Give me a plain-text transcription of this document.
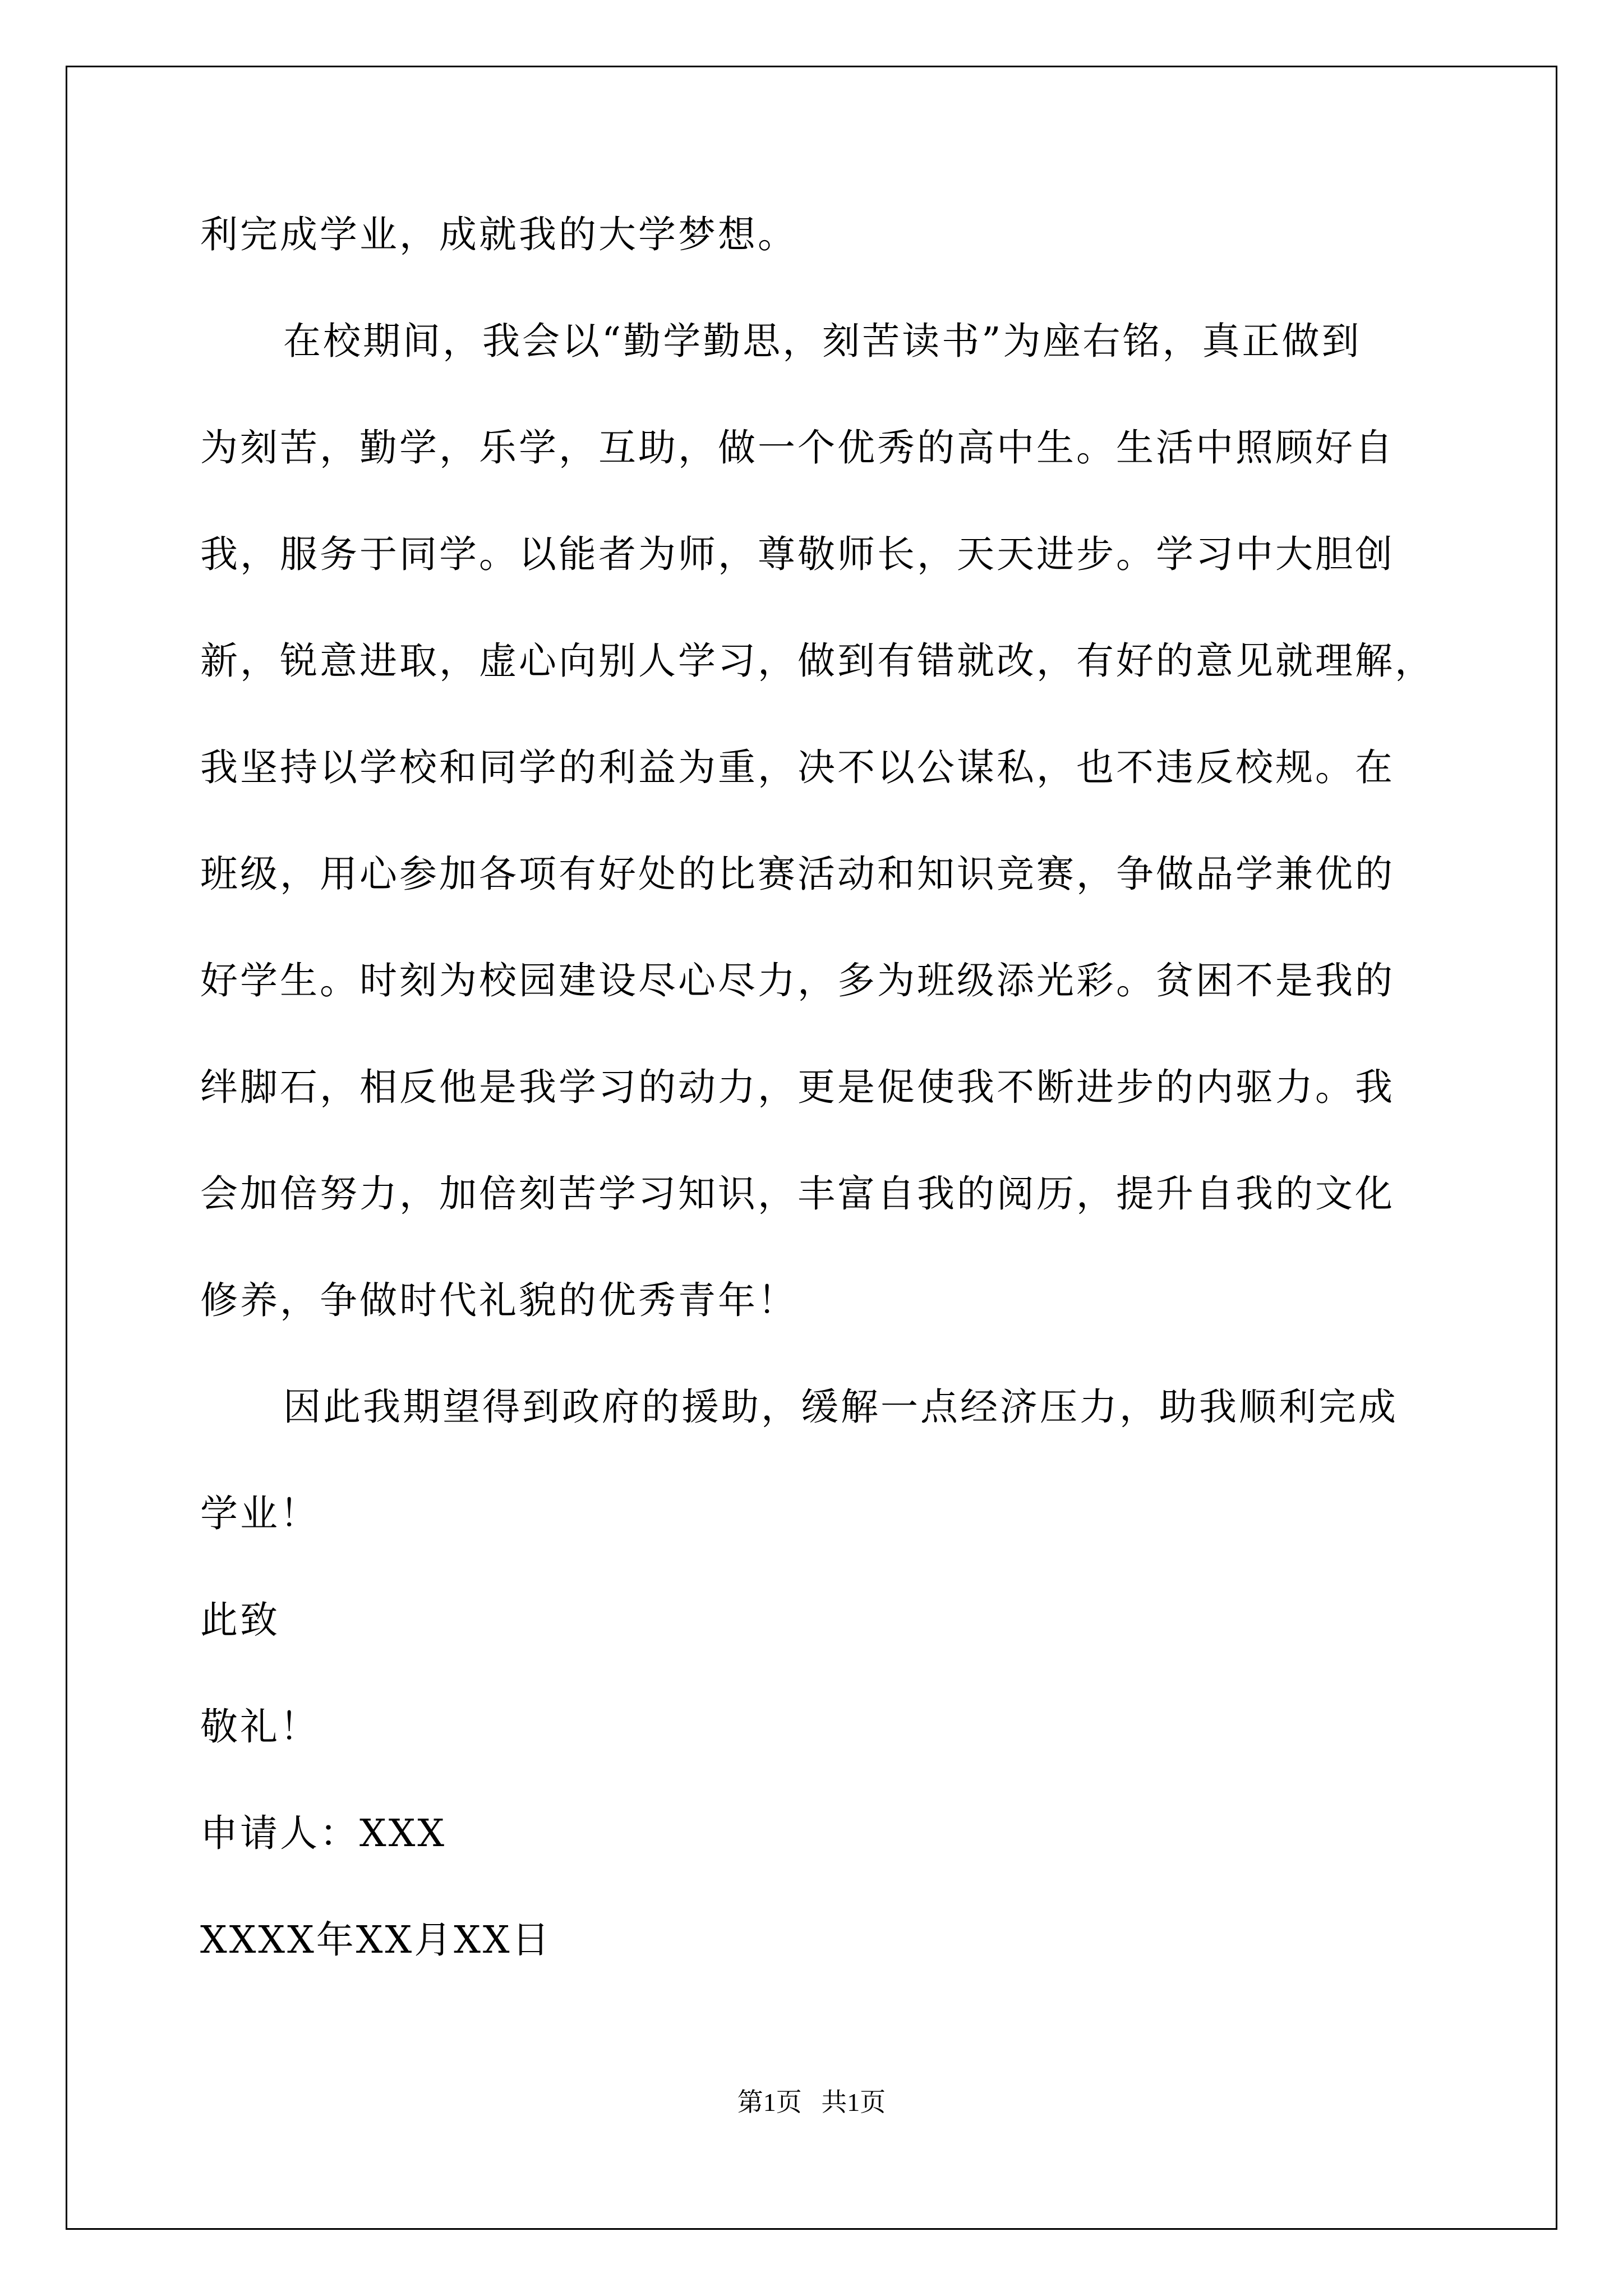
利完成学业，成就我的大学梦想。
在校期间，我会以“勤学勤思，刻苦读书”为座右铭，真正做到
为刻苦，勤学，乐学，互助，做一个优秀的高中生。生活中照顾好自
我，服务于同学。以能者为师，尊敬师长，天天进步。学习中大胆创
新，锐意进取，虚心向别人学习，做到有错就改，有好的意见就理解，
我坚持以学校和同学的利益为重，决不以公谋私，也不违反校规。在
班级，用心参加各项有好处的比赛活动和知识竞赛，争做品学兼优的
好学生。时刻为校园建设尽心尽力，多为班级添光彩。贫困不是我的
绊脚石，相反他是我学习的动力，更是促使我不断进步的内驱力。我
会加倍努力，加倍刻苦学习知识，丰富自我的阅历，提升自我的文化
修养，争做时代礼貌的优秀青年！
因此我期望得到政府的援助，缓解一点经济压力，助我顺利完成
学业！
此致
敬礼！
申请人：XXX
XXXX年XX月XX日
第1页   共1页
